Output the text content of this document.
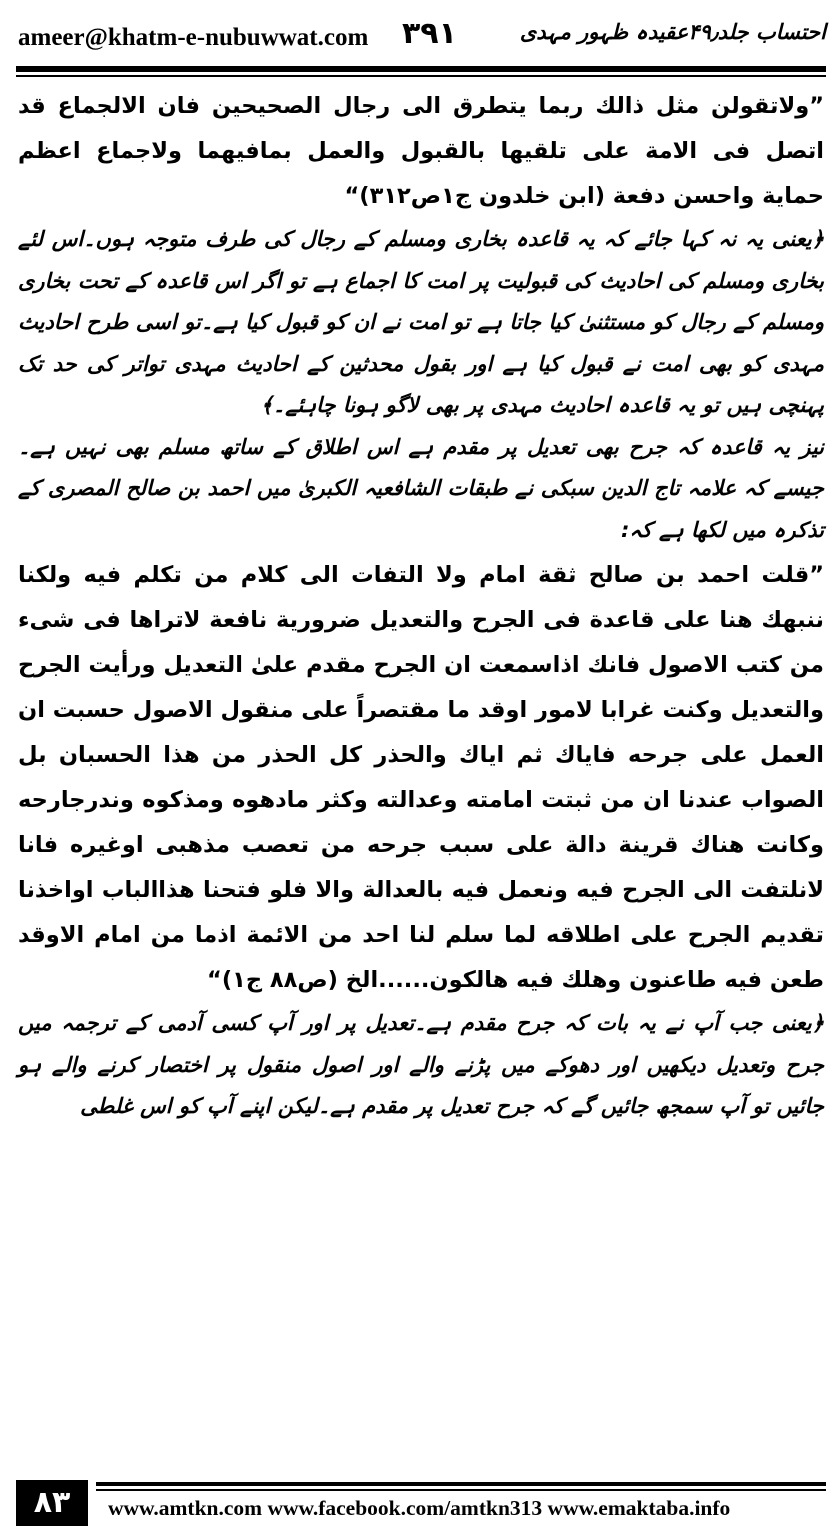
ameer@khatm-e-nubuwwat.com ۳۹۱	احتساب جلد۴۹٫عقیدہ ظہور مہدی

”ولاتقولن مثل ذالك ربما يتطرق الى رجال الصحيحين فان الالجماع قد اتصل فى الامة على تلقيها بالقبول والعمل بمافيهما ولاجماع اعظم حماية واحسن دفعة (ابن خلدون ج١ص٣١٢)“

﴿یعنی یہ نہ کہا جائے کہ یہ قاعدہ بخاری ومسلم کے رجال کی طرف متوجہ ہوں۔اس لئے بخاری ومسلم کی احادیث کی قبولیت پر امت کا اجماع ہے تو اگر اس قاعدہ کے تحت بخاری ومسلم کے رجال کو مستثنیٰ کیا جاتا ہے تو امت نے ان کو قبول کیا ہے۔تو اسی طرح احادیث مہدی کو بھی امت نے قبول کیا ہے اور بقول محدثین کے احادیث مہدی تواتر کی حد تک پہنچی ہیں تو یہ قاعدہ احادیث مہدی پر بھی لاگو ہونا چاہئے۔﴾

نیز یہ قاعدہ کہ جرح بھی تعدیل پر مقدم ہے اس اطلاق کے ساتھ مسلم بھی نہیں ہے۔جیسے کہ علامہ تاج الدین سبکی نے طبقات الشافعیہ الکبریٰ میں احمد بن صالح المصری کے تذکرہ میں لکھا ہے کہ:

”قلت احمد بن صالح ثقة امام ولا التفات الى كلام من تكلم فيه ولكنا ننبهك هنا على قاعدة فى الجرح والتعديل ضرورية نافعة لاتراها فى شىء من كتب الاصول فانك اذاسمعت ان الجرح مقدم علىٰ التعديل ورأيت الجرح والتعديل وكنت غرابا لامور اوقد ما مقتصراً على منقول الاصول حسبت ان العمل على جرحه فاياك ثم اياك والحذر كل الحذر من هذا الحسبان بل الصواب عندنا ان من ثبتت امامته وعدالته وكثر مادهوه ومذكوه وندرجارحه وكانت هناك قرينة دالة على سبب جرحه من تعصب مذهبى اوغيره فانا لانلتفت الى الجرح فيه ونعمل فيه بالعدالة والا فلو فتحنا هذاالباب اواخذنا تقديم الجرح على اطلاقه لما سلم لنا احد من الائمة اذما من امام الاوقد طعن فيه طاعنون وهلك فيه هالكون......الخ (ص٨٨ ج١)“

﴿یعنی جب آپ نے یہ بات کہ جرح مقدم ہے۔تعدیل پر اور آپ کسی آدمی کے ترجمہ میں جرح وتعدیل دیکھیں اور دھوکے میں پڑنے والے اور اصول منقول پر اختصار کرنے والے ہو جائیں تو آپ سمجھ جائیں گے کہ جرح تعدیل پر مقدم ہے۔لیکن اپنے آپ کو اس غلطی

۸۳	www.amtkn.com www.facebook.com/amtkn313 www.emaktaba.info
